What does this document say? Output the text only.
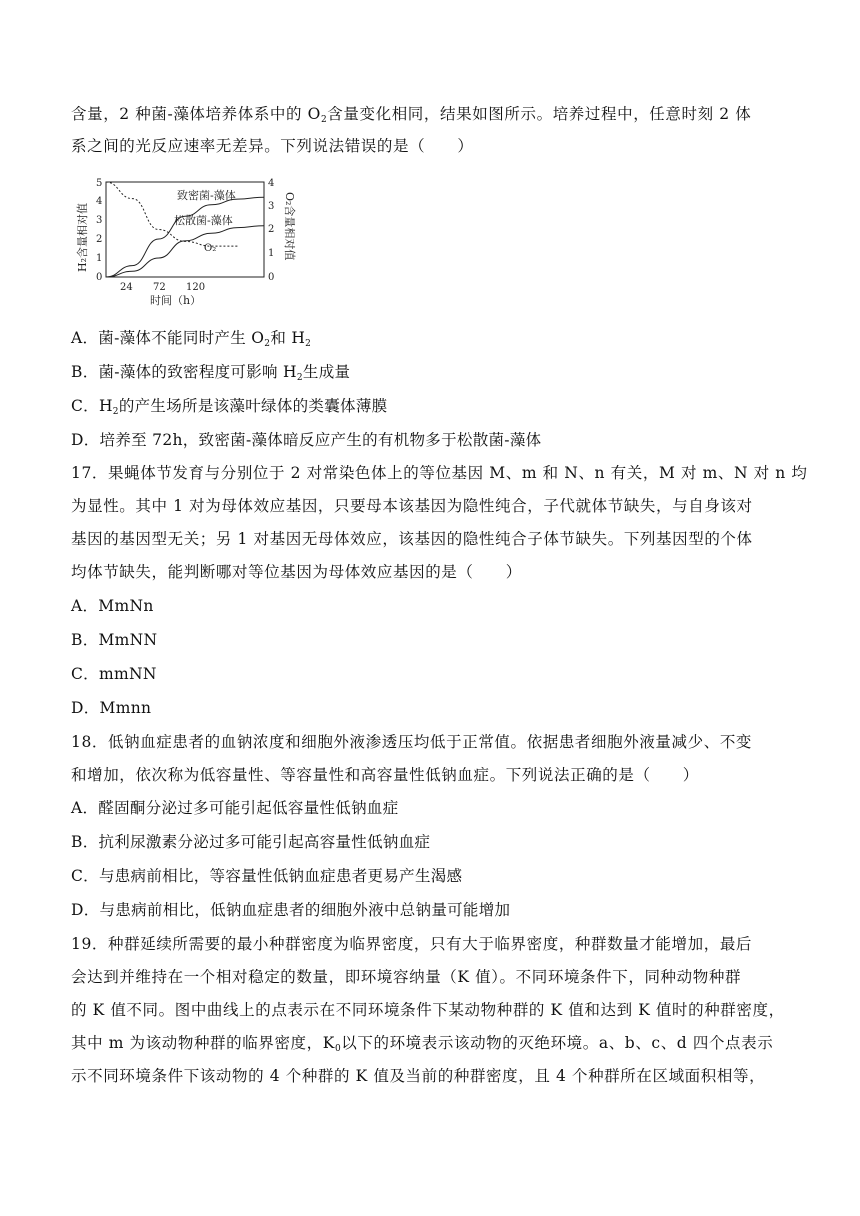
含量，2 种菌-藻体培养体系中的 $O_2$含量变化相同，结果如图所示。培养过程中，任意时刻 2 体
系之间的光反应速率无差异。下列说法错误的是（　　）
H₂含量相对值	O₂含量相对值
0
1
2
3
4
5
0
1
2
3
4
24 72 120
时间（h）
致密菌-藻体
松散菌-藻体
O₂
A．菌-藻体不能同时产生 $O_2$和 $H_2$
B．菌-藻体的致密程度可影响 $H_2$生成量
C．$H_2$的产生场所是该藻叶绿体的类囊体薄膜
D．培养至 72h，致密菌-藻体暗反应产生的有机物多于松散菌-藻体
17．果蝇体节发育与分别位于 2 对常染色体上的等位基因 M、m 和 N、n 有关，M 对 m、N 对 n 均
为显性。其中 1 对为母体效应基因，只要母本该基因为隐性纯合，子代就体节缺失，与自身该对
基因的基因型无关；另 1 对基因无母体效应，该基因的隐性纯合子体节缺失。下列基因型的个体
均体节缺失，能判断哪对等位基因为母体效应基因的是（　　）
A．MmNn
B．MmNN
C．mmNN
D．Mmnn
18．低钠血症患者的血钠浓度和细胞外液渗透压均低于正常值。依据患者细胞外液量减少、不变
和增加，依次称为低容量性、等容量性和高容量性低钠血症。下列说法正确的是（　　）
A．醛固酮分泌过多可能引起低容量性低钠血症
B．抗利尿激素分泌过多可能引起高容量性低钠血症
C．与患病前相比，等容量性低钠血症患者更易产生渴感
D．与患病前相比，低钠血症患者的细胞外液中总钠量可能增加
19．种群延续所需要的最小种群密度为临界密度，只有大于临界密度，种群数量才能增加，最后
会达到并维持在一个相对稳定的数量，即环境容纳量（K 值）。不同环境条件下，同种动物种群
的 K 值不同。图中曲线上的点表示在不同环境条件下某动物种群的 K 值和达到 K 值时的种群密度，
其中 m 为该动物种群的临界密度，$K_0$以下的环境表示该动物的灭绝环境。a、b、c、d 四个点表示
示不同环境条件下该动物的 4 个种群的 K 值及当前的种群密度，且 4 个种群所在区域面积相等，
